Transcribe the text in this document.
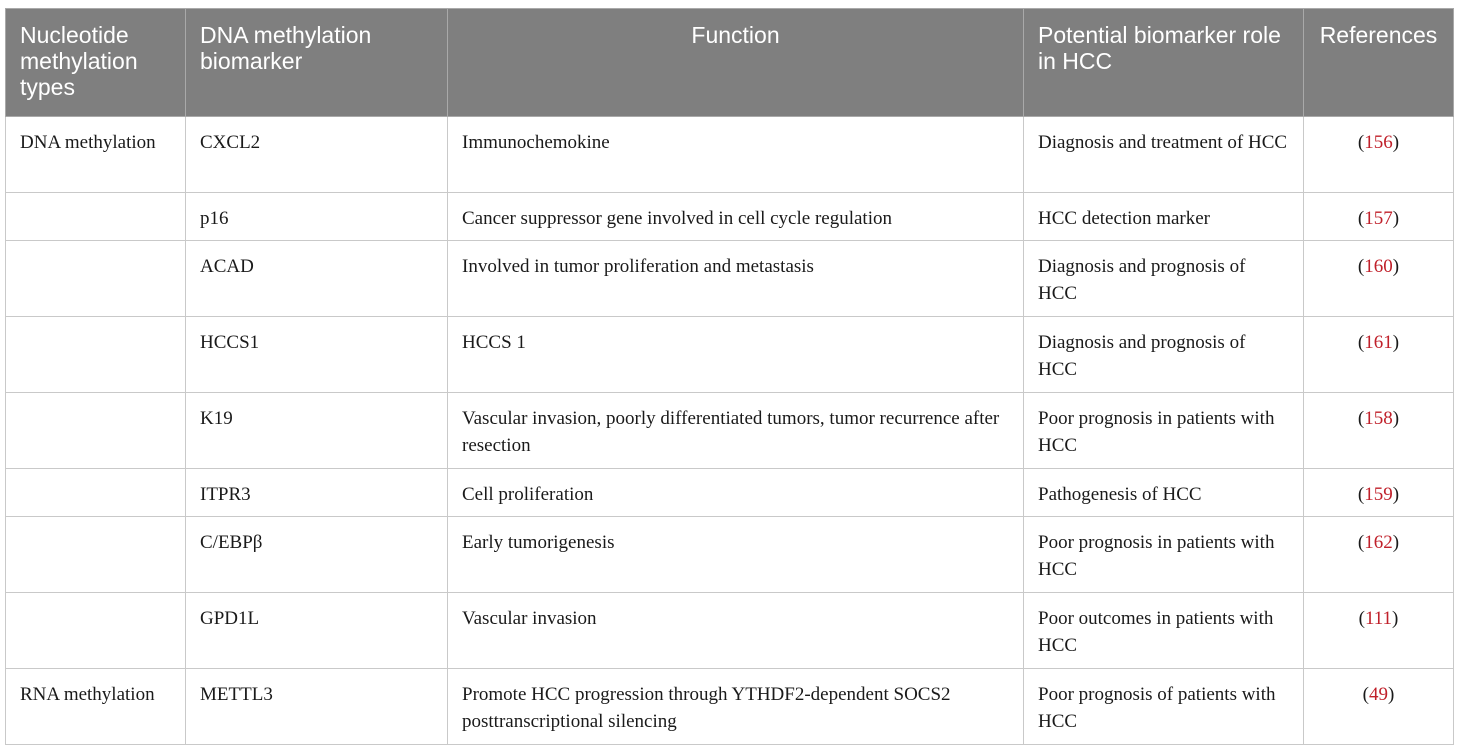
Nucleotide methylation types	DNA methylation biomarker	Function	Potential biomarker role in HCC	References
DNA methylation	CXCL2	Immunochemokine	Diagnosis and treatment of HCC	(156)
	p16	Cancer suppressor gene involved in cell cycle regulation	HCC detection marker	(157)
	ACAD	Involved in tumor proliferation and metastasis	Diagnosis and prognosis of HCC	(160)
	HCCS1	HCCS 1	Diagnosis and prognosis of HCC	(161)
	K19	Vascular invasion, poorly differentiated tumors, tumor recurrence after resection	Poor prognosis in patients with HCC	(158)
	ITPR3	Cell proliferation	Pathogenesis of HCC	(159)
	C/EBPβ	Early tumorigenesis	Poor prognosis in patients with HCC	(162)
	GPD1L	Vascular invasion	Poor outcomes in patients with HCC	(111)
RNA methylation	METTL3	Promote HCC progression through YTHDF2-dependent SOCS2 posttranscriptional silencing	Poor prognosis of patients with HCC	(49)
